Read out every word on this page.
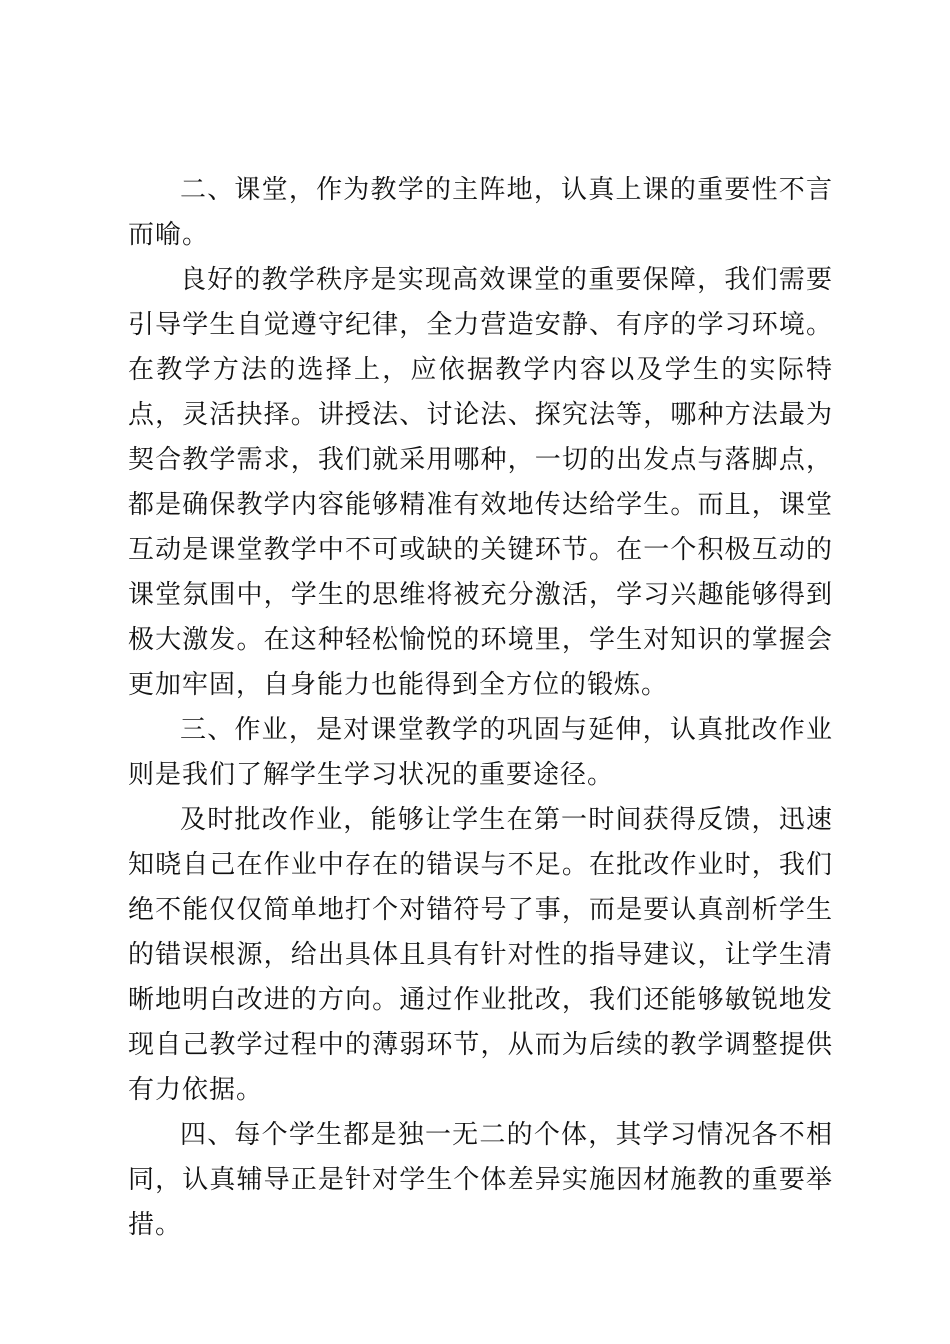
二、课堂，作为教学的主阵地，认真上课的重要性不言而喻。

良好的教学秩序是实现高效课堂的重要保障，我们需要引导学生自觉遵守纪律，全力营造安静、有序的学习环境。在教学方法的选择上，应依据教学内容以及学生的实际特点，灵活抉择。讲授法、讨论法、探究法等，哪种方法最为契合教学需求，我们就采用哪种，一切的出发点与落脚点，都是确保教学内容能够精准有效地传达给学生。而且，课堂互动是课堂教学中不可或缺的关键环节。在一个积极互动的课堂氛围中，学生的思维将被充分激活，学习兴趣能够得到极大激发。在这种轻松愉悦的环境里，学生对知识的掌握会更加牢固，自身能力也能得到全方位的锻炼。

三、作业，是对课堂教学的巩固与延伸，认真批改作业则是我们了解学生学习状况的重要途径。

及时批改作业，能够让学生在第一时间获得反馈，迅速知晓自己在作业中存在的错误与不足。在批改作业时，我们绝不能仅仅简单地打个对错符号了事，而是要认真剖析学生的错误根源，给出具体且具有针对性的指导建议，让学生清晰地明白改进的方向。通过作业批改，我们还能够敏锐地发现自己教学过程中的薄弱环节，从而为后续的教学调整提供有力依据。

四、每个学生都是独一无二的个体，其学习情况各不相同，认真辅导正是针对学生个体差异实施因材施教的重要举措。
